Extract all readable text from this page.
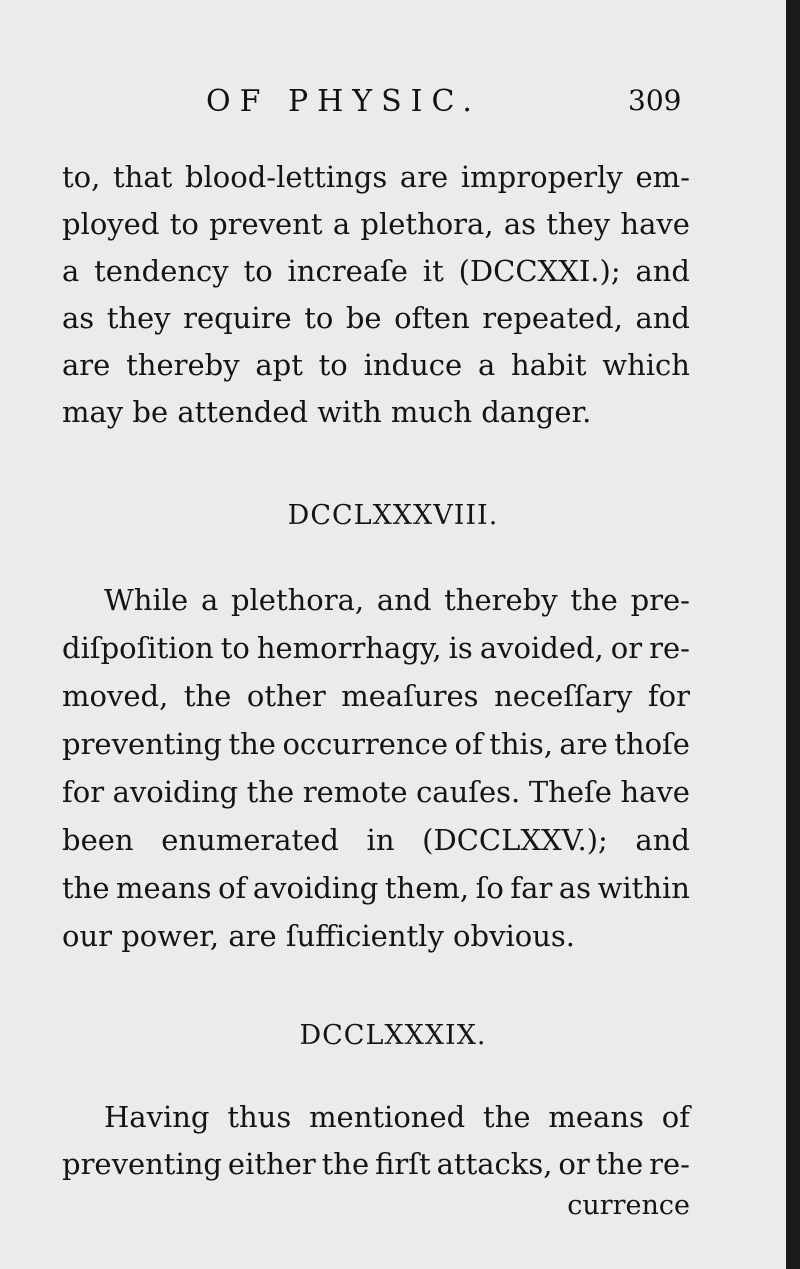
OF PHYSIC.	309
to, that blood-lettings are improperly em-
ployed to prevent a plethora, as they have
a tendency to increaſe it (DCCXXI.); and
as they require to be often repeated, and
are thereby apt to induce a habit which
may be attended with much danger.
DCCLXXXVIII.
While a plethora, and thereby the pre-
diſpoſition to hemorrhagy, is avoided, or re-
moved, the other meaſures neceſſary for
preventing the occurrence of this, are thoſe
for avoiding the remote cauſes. Theſe have
been enumerated in (DCCLXXV.); and
the means of avoiding them, ſo far as within
our power, are ſufficiently obvious.
DCCLXXXIX.
Having thus mentioned the means of
preventing either the firſt attacks, or the re-
currence
